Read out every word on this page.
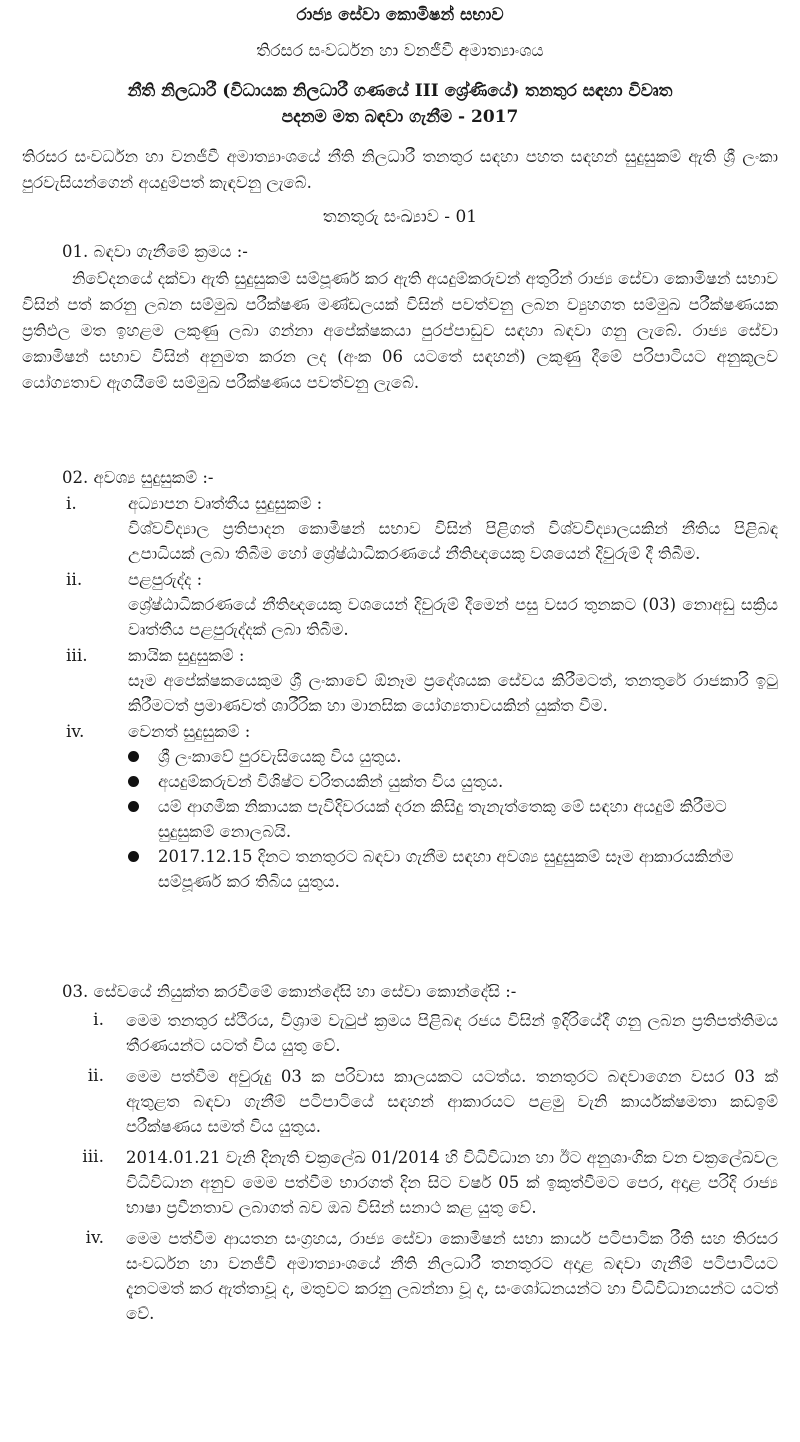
රාජ්‍ය සේවා කොමිෂන් සභාව
තිරසර සංවර්ධන හා වනජීවී අමාත්‍යාංශය
නීති නිලධාරී (විධායක නිලධාරී ගණයේ III ශ්‍රේණියේ) තනතුර සඳහා විවෘත
පදනම මත බඳවා ගැනීම - 2017
තිරසර සංවර්ධන හා වනජීවී අමාත්‍යාංශයේ නීති නිලධාරී තනතුර සඳහා පහත සඳහන් සුදුසුකම් ඇති ශ්‍රී ලංකා පුරවැසියන්ගෙන් අයදුම්පත් කැඳවනු ලැබේ.
තනතුරු සංඛ්‍යාව - 01
01. බඳවා ගැනීමේ ක්‍රමය :-
නිවේදනයේ දක්වා ඇති සුදුසුකම් සම්පූර්ණ කර ඇති අයදුම්කරුවන් අතුරින් රාජ්‍ය සේවා කොමිෂන් සභාව විසින් පත් කරනු ලබන සම්මුඛ පරීක්ෂණ මණ්ඩලයක් විසින් පවත්වනු ලබන ව්‍යුහගත සම්මුඛ පරීක්ෂණයක ප්‍රතිඵල මත ඉහළම ලකුණු ලබා ගන්නා අපේක්ෂකයා පුරප්පාඩුව සඳහා බඳවා ගනු ලැබේ. රාජ්‍ය සේවා කොමිෂන් සභාව විසින් අනුමත කරන ලද (අංක 06 යටතේ සඳහන්) ලකුණු දීමේ පරිපාටියට අනුකූලව යෝග්‍යතාව ඇගයීමේ සම්මුඛ පරීක්ෂණය පවත්වනු ලැබේ.
02. අවශ්‍ය සුදුසුකම් :-
i.	අධ්‍යාපන වෘත්තීය සුදුසුකම් :
විශ්වවිද්‍යාල ප්‍රතිපාදන කොමිෂන් සභාව විසින් පිළිගත් විශ්වවිද්‍යාලයකින් නීතිය පිළිබඳ උපාධියක් ලබා තිබීම හෝ ශ්‍රේෂ්ඨාධිකරණයේ නීතිඥයෙකු වශයෙන් දිවුරුම් දී තිබීම.
ii.	පළපුරුද්ද :
ශ්‍රේෂ්ඨාධිකරණයේ නීතිඥයෙකු වශයෙන් දිවුරුම් දීමෙන් පසු වසර තුනකට (03) නොඅඩු සක්‍රිය වෘත්තීය පළපුරුද්දක් ලබා තිබීම.
iii.	කායික සුදුසුකම් :
සෑම අපේක්ෂකයෙකුම ශ්‍රී ලංකාවේ ඕනෑම ප්‍රදේශයක සේවය කිරීමටත්, තනතුරේ රාජකාරි ඉටු කිරීමටත් ප්‍රමාණවත් ශාරීරික හා මානසික යෝග්‍යතාවයකින් යුක්ත වීම.
iv.	වෙනත් සුදුසුකම් :
ශ්‍රී ලංකාවේ පුරවැසියෙකු විය යුතුය.
අයදුම්කරුවන් විශිෂ්ට චරිතයකින් යුක්ත විය යුතුය.
යම් ආගමික නිකායක පැවිදිවරයක් දරන කිසිදු තැනැත්තෙකු මේ සඳහා අයදුම් කිරීමට සුදුසුකම් නොලබයි.
2017.12.15 දිනට තනතුරට බඳවා ගැනීම සඳහා අවශ්‍ය සුදුසුකම් සෑම ආකාරයකින්ම සම්පූර්ණ කර තිබිය යුතුය.
03. සේවයේ නියුක්ත කරවීමේ කොන්දේසි හා සේවා කොන්දේසි :-
i.	මෙම තනතුර ස්ථිරය, විශ්‍රාම වැටුප් ක්‍රමය පිළිබඳ රජය විසින් ඉදිරියේදී ගනු ලබන ප්‍රතිපත්තිමය තීරණයන්ට යටත් විය යුතු වේ.
ii.	මෙම පත්වීම අවුරුදු 03 ක පරිවාස කාලයකට යටත්ය. තනතුරට බඳවාගෙන වසර 03 ක් ඇතුළත බඳවා ගැනීම් පටිපාටියේ සඳහන් ආකාරයට පළමු වැනි කාර්යක්ෂමතා කඩඉම් පරීක්ෂණය සමත් විය යුතුය.
iii.	2014.01.21 වැනි දිනැති චක්‍රලේඛ 01/2014 හි විධිවිධාන හා ඊට අනුශාංගික වන චක්‍රලේඛවල විධිවිධාන අනුව මෙම පත්වීම භාරගත් දින සිට වර්ෂ 05 ක් ඉකුත්වීමට පෙර, අදාළ පරිදි රාජ්‍ය භාෂා ප්‍රවීනතාව ලබාගත් බව ඔබ විසින් සනාථ කළ යුතු වේ.
iv.	මෙම පත්වීම ආයතන සංග්‍රහය, රාජ්‍ය සේවා කොමිෂන් සභා කාර්ය පටිපාටික රීති සහ තිරසර සංවර්ධන හා වනජීවී අමාත්‍යාංශයේ නීති නිලධාරී තනතුරට අදාළ බඳවා ගැනීම් පටිපාටියට දැනටමත් කර ඇත්තාවූ ද, මතුවට කරනු ලබන්නා වූ ද, සංශෝධනයන්ට හා විධිවිධානයන්ට යටත් වේ.
